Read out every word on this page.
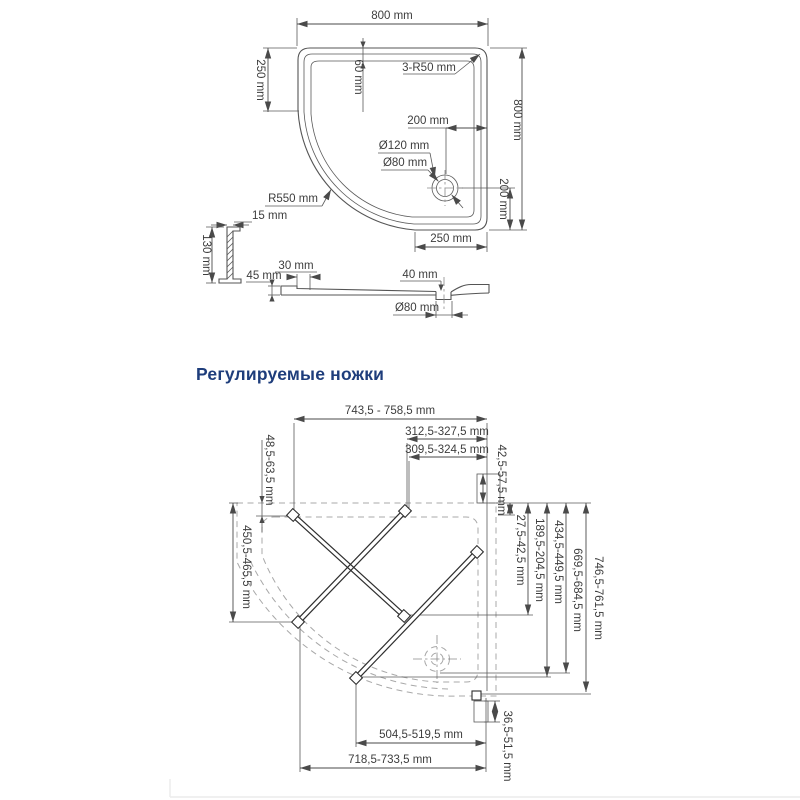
800 mm
800 mm
250 mm	60 mm	3-R50 mm
200 mm
Ø120 mm
Ø80 mm
R550 mm	200 mm
250 mm
15 mm
130 mm	30 mm
45 mm	40 mm
Ø80 mm
743,5 - 758,5 mm
312,5-327,5 mm
309,5-324,5 mm 42,5-57,5 mm
48,5-63,5 mm
450,5-465,5 mm	27,5-42,5 mm 189,5-204,5 mm 434,5-449,5 mm 669,5-684,5 mm 746,5-761,5 mm
504,5-519,5 mm
718,5-733,5 mm	36,5-51,5 mm
Регулируемые ножки
